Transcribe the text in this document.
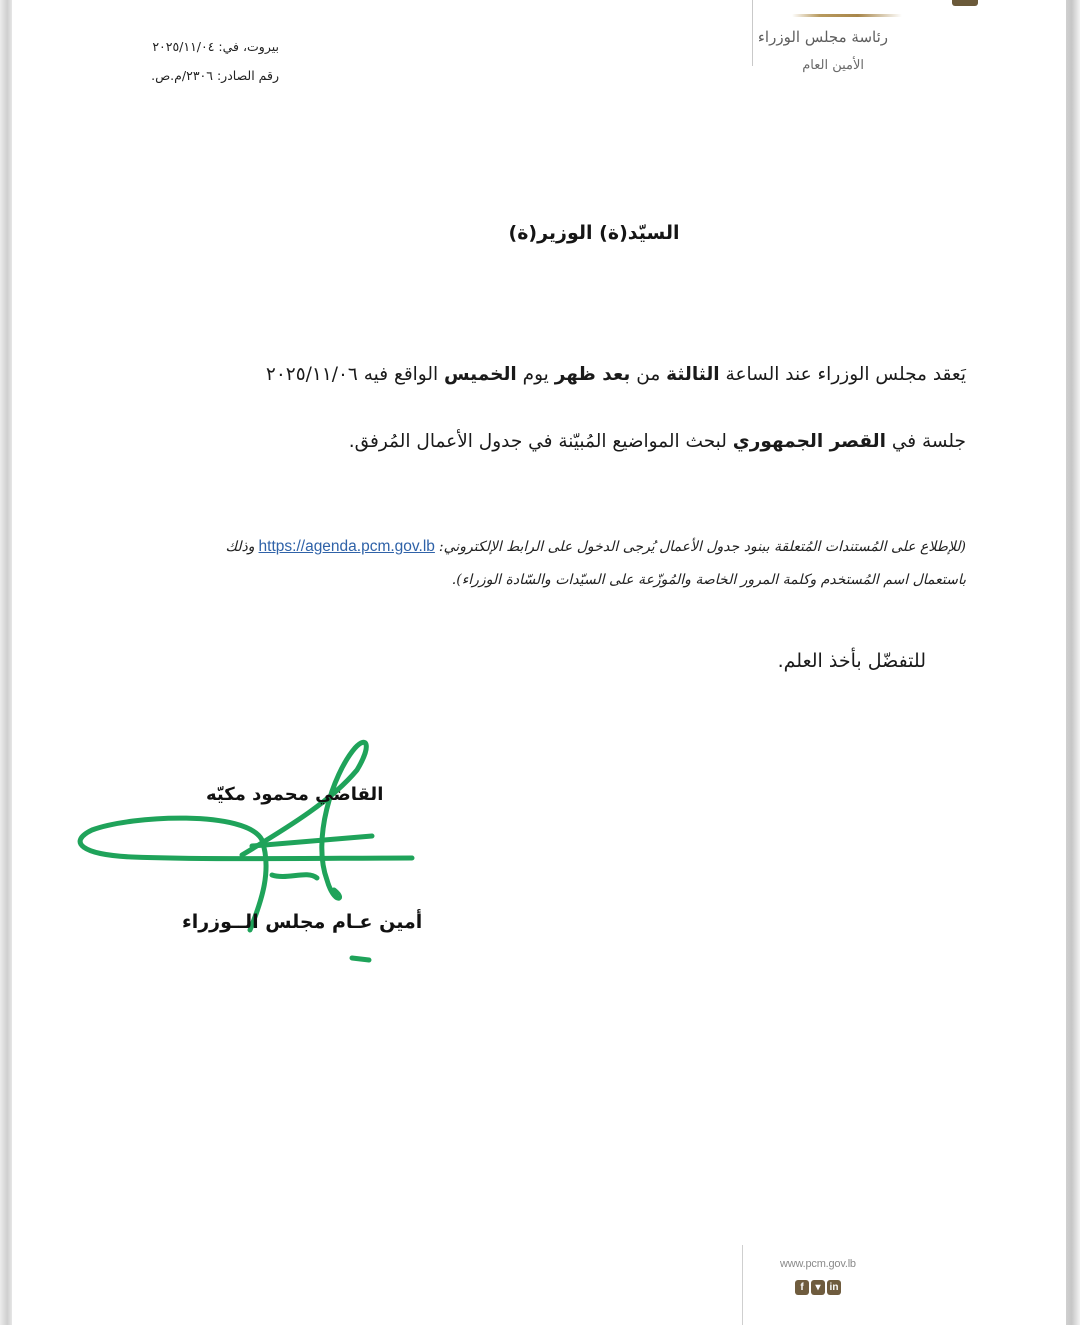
رئاسة مجلس الوزراء
الأمين العام
بيروت، في: ٢٠٢٥/١١/٠٤
رقم الصادر: ٢٣٠٦/م.ص.
السيّد(ة) الوزير(ة)
يَعقد مجلس الوزراء عند الساعة الثالثة من بعد ظهر يوم الخميس الواقع فيه ٢٠٢٥/١١/٠٦
جلسة في القصر الجمهوري لبحث المواضيع المُبيّنة في جدول الأعمال المُرفق.
(للإطلاع على المُستندات المُتعلقة ببنود جدول الأعمال يُرجى الدخول على الرابط الإلكتروني:https://agenda.pcm.gov.lbوذلك
باستعمال اسم المُستخدم وكلمة المرور الخاصة والمُوزّعة على السيّدات والسّادة الوزراء).
للتفضّل بأخذ العلم.
القاضي محمود مكيّه
أمين عـام مجلس الــوزراء
www.pcm.gov.lb
f	▾ in
